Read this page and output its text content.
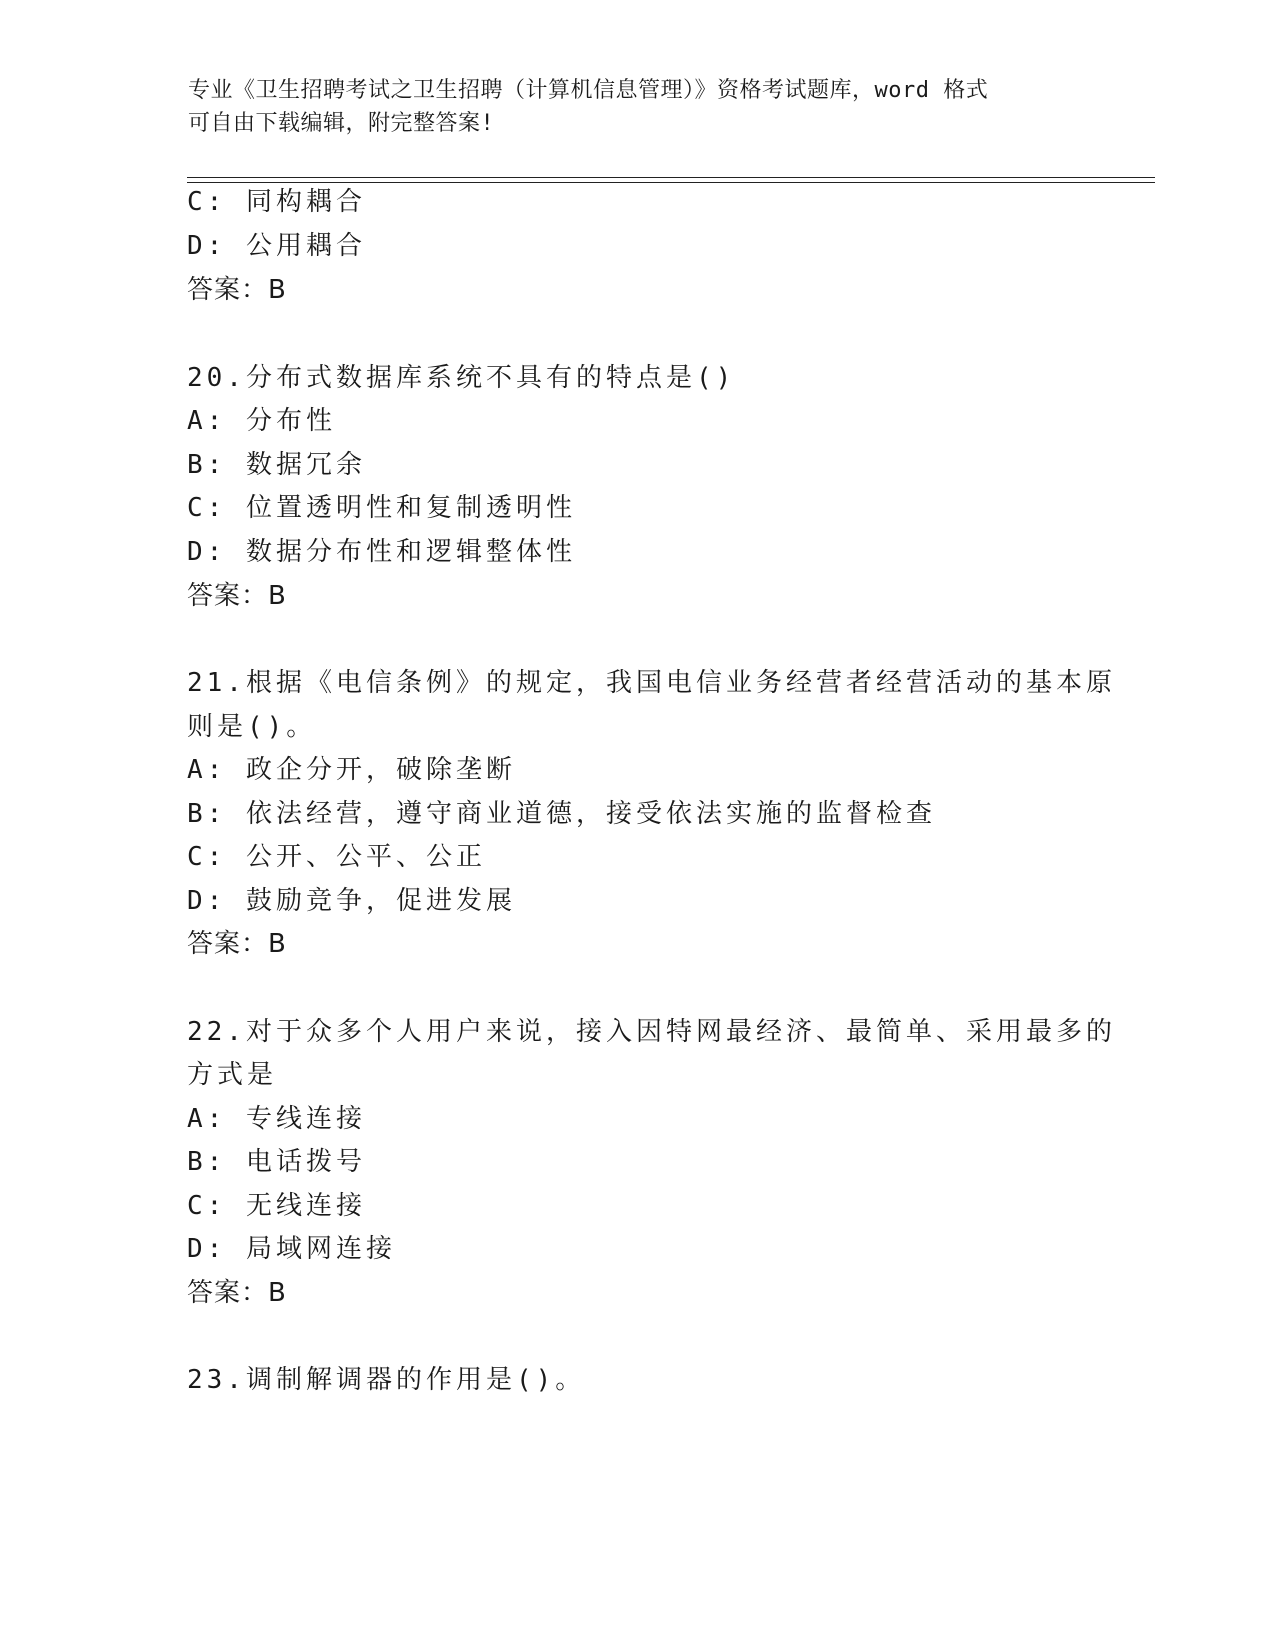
专业《卫生招聘考试之卫生招聘（计算机信息管理）》资格考试题库，word 格式
可自由下载编辑，附完整答案!
C: 同构耦合
D: 公用耦合
答案：B
20.分布式数据库系统不具有的特点是()
A: 分布性
B: 数据冗余
C: 位置透明性和复制透明性
D: 数据分布性和逻辑整体性
答案：B
21.根据《电信条例》的规定，我国电信业务经营者经营活动的基本原
则是()。
A: 政企分开，破除垄断
B: 依法经营，遵守商业道德，接受依法实施的监督检查
C: 公开、公平、公正
D: 鼓励竞争，促进发展
答案：B
22.对于众多个人用户来说，接入因特网最经济、最简单、采用最多的
方式是
A: 专线连接
B: 电话拨号
C: 无线连接
D: 局域网连接
答案：B
23.调制解调器的作用是()。
